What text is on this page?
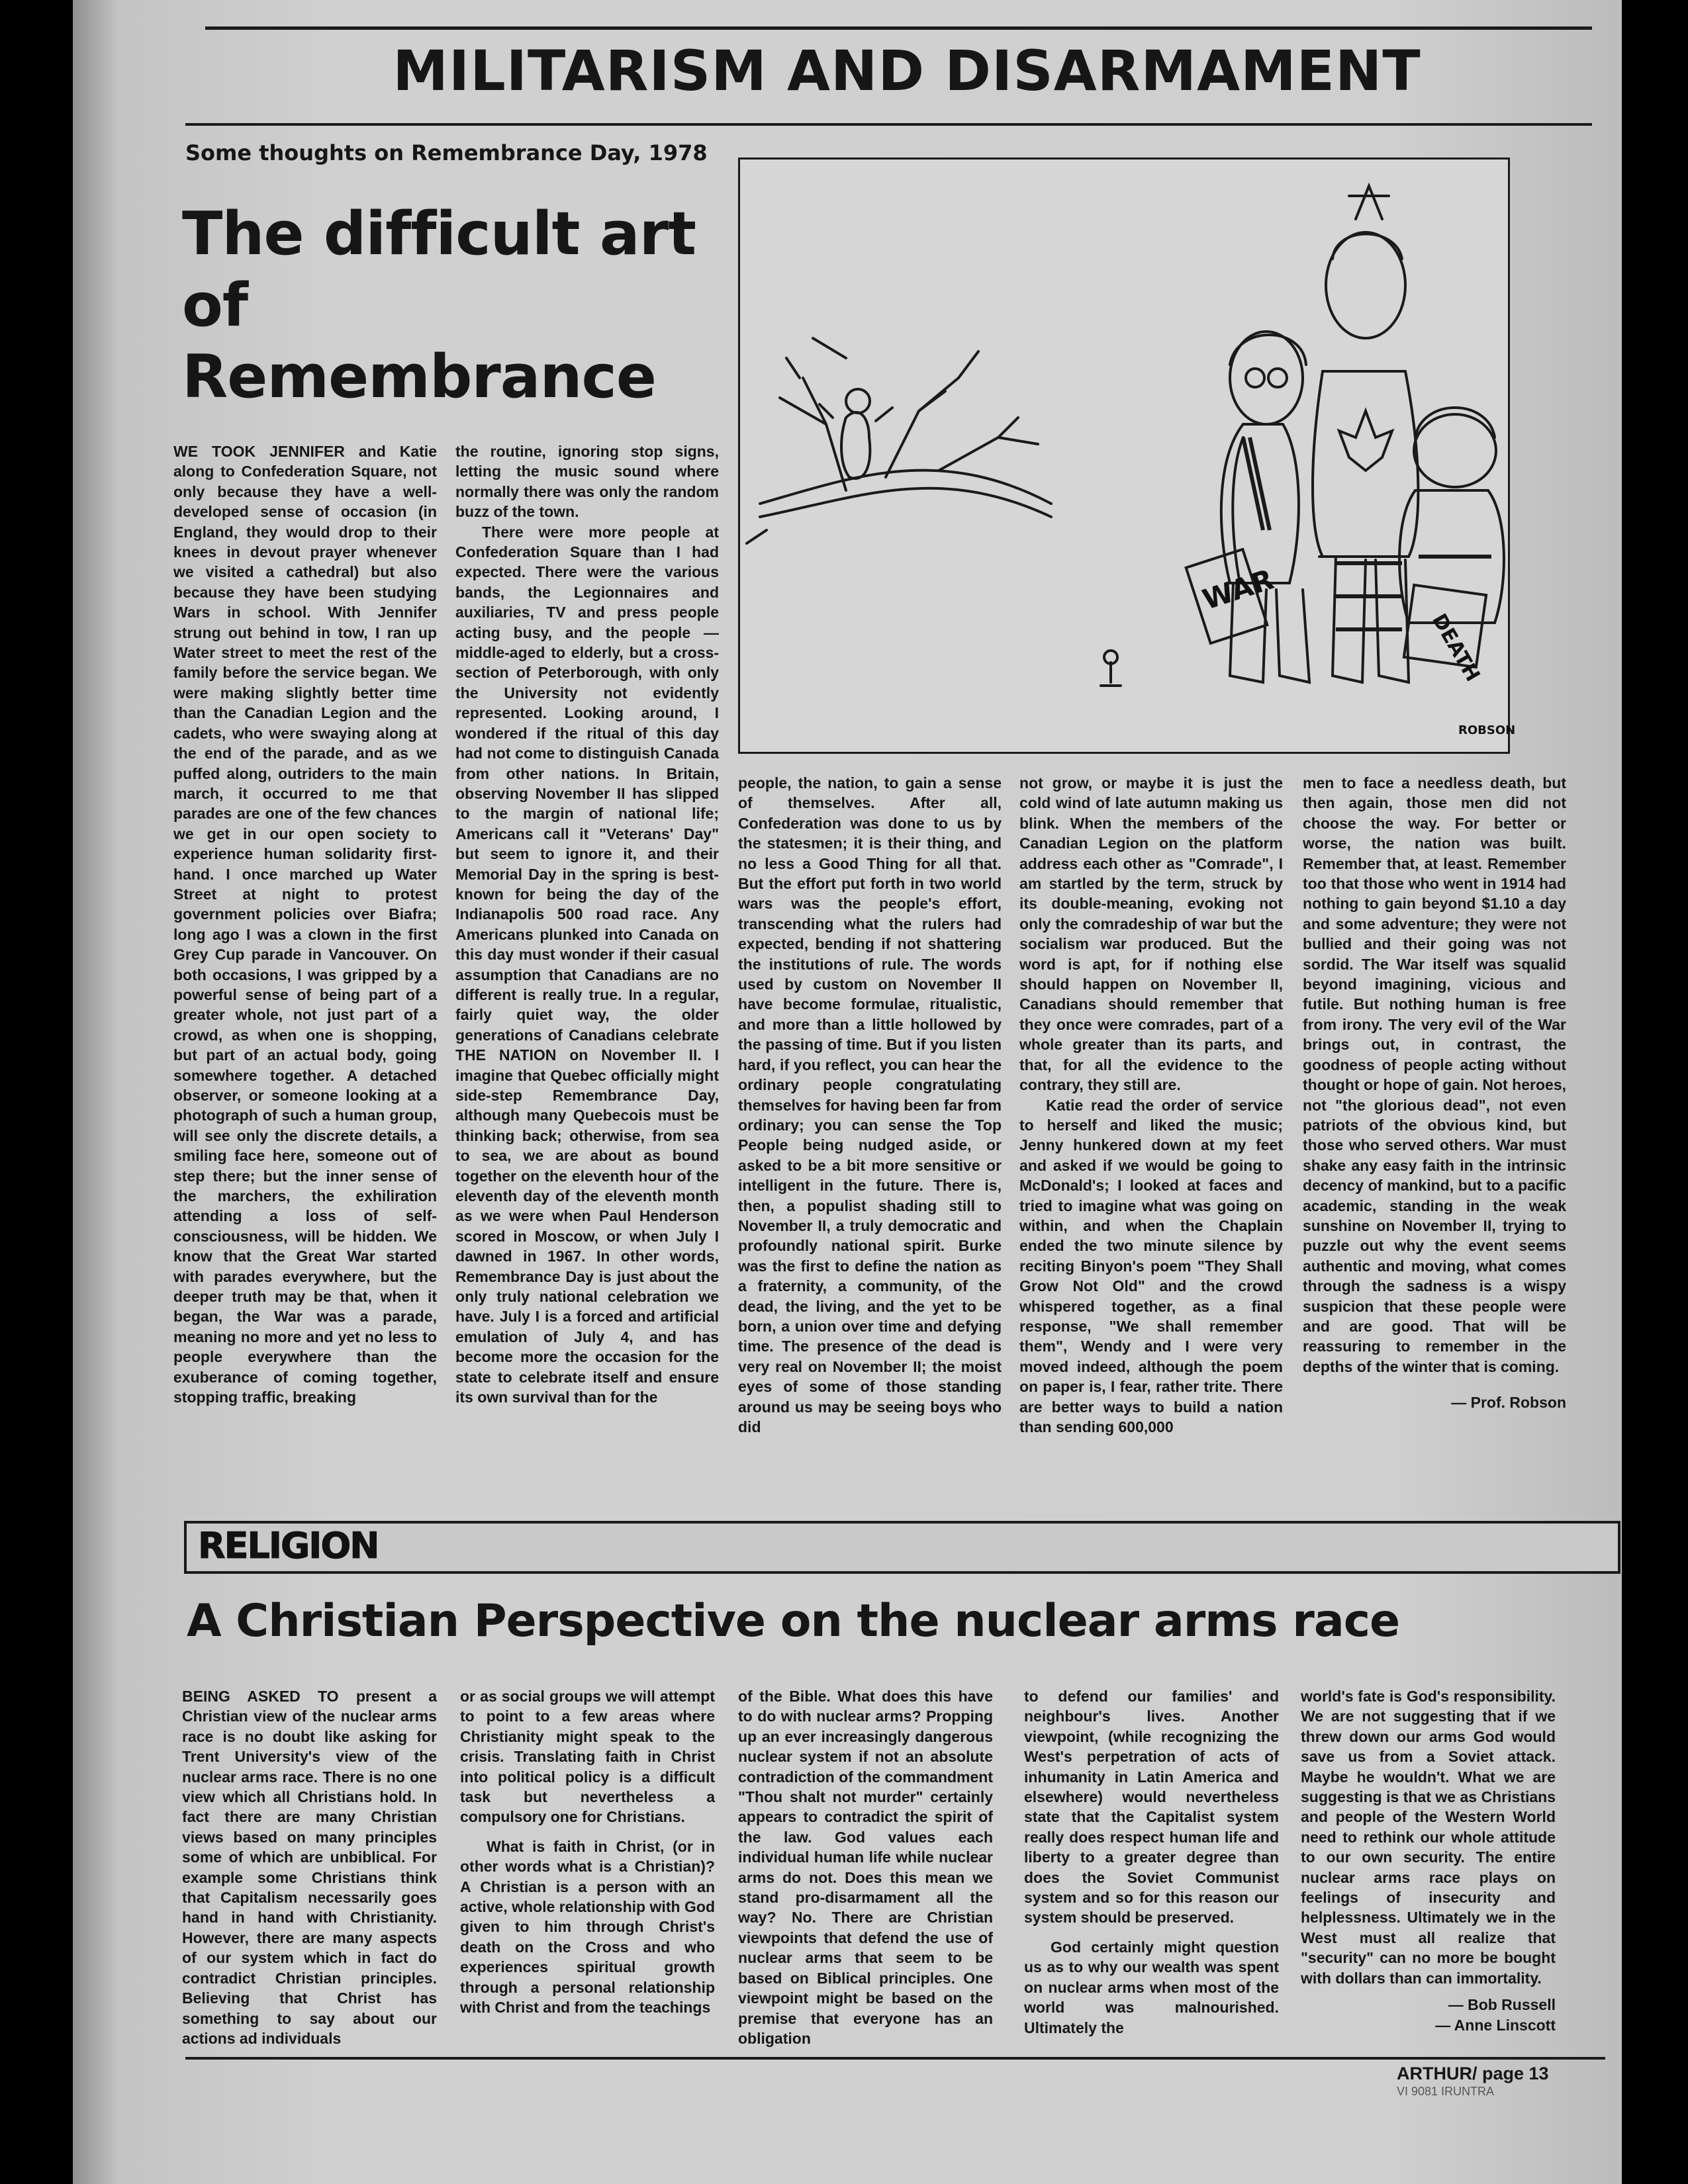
MILITARISM AND DISARMAMENT
Some thoughts on Remembrance Day, 1978
The difficult art of Remembrance
WAR
DEATH
ROBSON

WE TOOK JENNIFER and Katie along to Confederation Square, not only because they have a well-developed sense of occasion (in England, they would drop to their knees in devout prayer whenever we visited a cathedral) but also because they have been studying Wars in school. With Jennifer strung out behind in tow, I ran up Water street to meet the rest of the family before the service began. We were making slightly better time than the Canadian Legion and the cadets, who were swaying along at the end of the parade, and as we puffed along, outriders to the main march, it occurred to me that parades are one of the few chances we get in our open society to experience human solidarity first-hand. I once marched up Water Street at night to protest government policies over Biafra; long ago I was a clown in the first Grey Cup parade in Vancouver. On both occasions, I was gripped by a powerful sense of being part of a greater whole, not just part of a crowd, as when one is shopping, but part of an actual body, going somewhere together. A detached observer, or someone looking at a photograph of such a human group, will see only the discrete details, a smiling face here, someone out of step there; but the inner sense of the marchers, the exhiliration attending a loss of self-consciousness, will be hidden. We know that the Great War started with parades everywhere, but the deeper truth may be that, when it began, the War was a parade, meaning no more and yet no less to people everywhere than the exuberance of coming together, stopping traffic, breaking

the routine, ignoring stop signs, letting the music sound where normally there was only the random buzz of the town.

There were more people at Confederation Square than I had expected. There were the various bands, the Legionnaires and auxiliaries, TV and press people acting busy, and the people — middle-aged to elderly, but a cross-section of Peterborough, with only the University not evidently represented. Looking around, I wondered if the ritual of this day had not come to distinguish Canada from other nations. In Britain, observing November II has slipped to the margin of national life; Americans call it "Veterans' Day" but seem to ignore it, and their Memorial Day in the spring is best-known for being the day of the Indianapolis 500 road race. Any Americans plunked into Canada on this day must wonder if their casual assumption that Canadians are no different is really true. In a regular, fairly quiet way, the older generations of Canadians celebrate THE NATION on November II. I imagine that Quebec officially might side-step Remembrance Day, although many Quebecois must be thinking back; otherwise, from sea to sea, we are about as bound together on the eleventh hour of the eleventh day of the eleventh month as we were when Paul Henderson scored in Moscow, or when July I dawned in 1967. In other words, Remembrance Day is just about the only truly national celebration we have. July I is a forced and artificial emulation of July 4, and has become more the occasion for the state to celebrate itself and ensure its own survival than for the

people, the nation, to gain a sense of themselves. After all, Confederation was done to us by the statesmen; it is their thing, and no less a Good Thing for all that. But the effort put forth in two world wars was the people's effort, transcending what the rulers had expected, bending if not shattering the institutions of rule. The words used by custom on November II have become formulae, ritualistic, and more than a little hollowed by the passing of time. But if you listen hard, if you reflect, you can hear the ordinary people congratulating themselves for having been far from ordinary; you can sense the Top People being nudged aside, or asked to be a bit more sensitive or intelligent in the future. There is, then, a populist shading still to November II, a truly democratic and profoundly national spirit. Burke was the first to define the nation as a fraternity, a community, of the dead, the living, and the yet to be born, a union over time and defying time. The presence of the dead is very real on November II; the moist eyes of some of those standing around us may be seeing boys who did

not grow, or maybe it is just the cold wind of late autumn making us blink. When the members of the Canadian Legion on the platform address each other as "Comrade", I am startled by the term, struck by its double-meaning, evoking not only the comradeship of war but the socialism war produced. But the word is apt, for if nothing else should happen on November II, Canadians should remember that they once were comrades, part of a whole greater than its parts, and that, for all the evidence to the contrary, they still are.

Katie read the order of service to herself and liked the music; Jenny hunkered down at my feet and asked if we would be going to McDonald's; I looked at faces and tried to imagine what was going on within, and when the Chaplain ended the two minute silence by reciting Binyon's poem "They Shall Grow Not Old" and the crowd whispered together, as a final response, "We shall remember them", Wendy and I were very moved indeed, although the poem on paper is, I fear, rather trite. There are better ways to build a nation than sending 600,000

men to face a needless death, but then again, those men did not choose the way. For better or worse, the nation was built. Remember that, at least. Remember too that those who went in 1914 had nothing to gain beyond $1.10 a day and some adventure; they were not bullied and their going was not sordid. The War itself was squalid beyond imagining, vicious and futile. But nothing human is free from irony. The very evil of the War brings out, in contrast, the goodness of people acting without thought or hope of gain. Not heroes, not "the glorious dead", not even patriots of the obvious kind, but those who served others. War must shake any easy faith in the intrinsic decency of mankind, but to a pacific academic, standing in the weak sunshine on November II, trying to puzzle out why the event seems authentic and moving, what comes through the sadness is a wispy suspicion that these people were and are good. That will be reassuring to remember in the depths of the winter that is coming.

— Prof. Robson

RELIGION
A Christian Perspective on the nuclear arms race

BEING ASKED TO present a Christian view of the nuclear arms race is no doubt like asking for Trent University's view of the nuclear arms race. There is no one view which all Christians hold. In fact there are many Christian views based on many principles some of which are unbiblical. For example some Christians think that Capitalism necessarily goes hand in hand with Christianity. However, there are many aspects of our system which in fact do contradict Christian principles. Believing that Christ has something to say about our actions ad individuals

or as social groups we will attempt to point to a few areas where Christianity might speak to the crisis. Translating faith in Christ into political policy is a difficult task but nevertheless a compulsory one for Christians.

What is faith in Christ, (or in other words what is a Christian)? A Christian is a person with an active, whole relationship with God given to him through Christ's death on the Cross and who experiences spiritual growth through a personal relationship with Christ and from the teachings

of the Bible. What does this have to do with nuclear arms? Propping up an ever increasingly dangerous nuclear system if not an absolute contradiction of the commandment "Thou shalt not murder" certainly appears to contradict the spirit of the law. God values each individual human life while nuclear arms do not. Does this mean we stand pro-disarmament all the way? No. There are Christian viewpoints that defend the use of nuclear arms that seem to be based on Biblical principles. One viewpoint might be based on the premise that everyone has an obligation

to defend our families' and neighbour's lives. Another viewpoint, (while recognizing the West's perpetration of acts of inhumanity in Latin America and elsewhere) would nevertheless state that the Capitalist system really does respect human life and liberty to a greater degree than does the Soviet Communist system and so for this reason our system should be preserved.

God certainly might question us as to why our wealth was spent on nuclear arms when most of the world was malnourished. Ultimately the

world's fate is God's responsibility. We are not suggesting that if we threw down our arms God would save us from a Soviet attack. Maybe he wouldn't. What we are suggesting is that we as Christians and people of the Western World need to rethink our whole attitude to our own security. The entire nuclear arms race plays on feelings of insecurity and helplessness. Ultimately we in the West must all realize that "security" can no more be bought with dollars than can immortality.

— Bob Russell

— Anne Linscott

ARTHUR/ page 13
VI 9081 IRUNTRA
